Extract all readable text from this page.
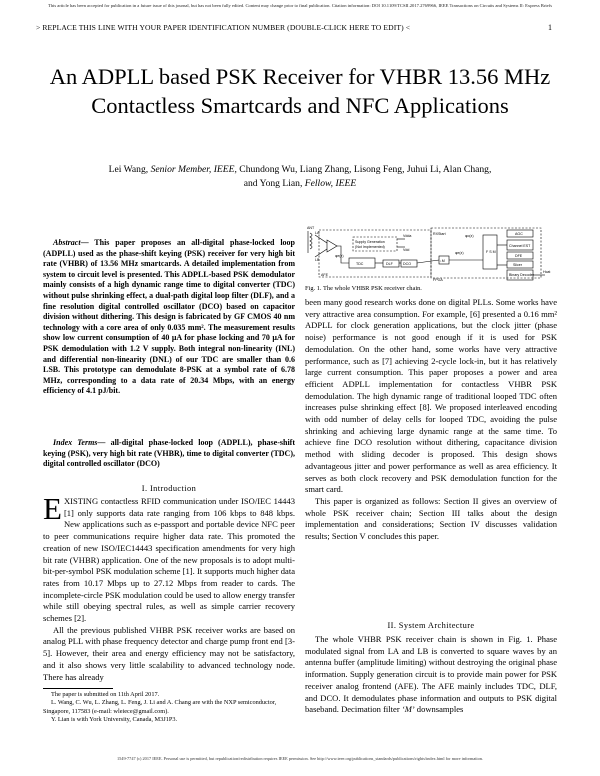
This article has been accepted for publication in a future issue of this journal, but has not been fully edited. Content may change prior to final publication. Citation information: DOI 10.1109/TCSII.2017.2769966, IEEE Transactions on Circuits and Systems II: Express Briefs
> REPLACE THIS LINE WITH YOUR PAPER IDENTIFICATION NUMBER (DOUBLE-CLICK HERE TO EDIT) <	1
An ADPLL based PSK Receiver for VHBR 13.56 MHz Contactless Smartcards and NFC Applications
Lei Wang, Senior Member, IEEE, Chundong Wu, Liang Zhang, Lisong Feng, Juhui Li, Alan Chang,
and Yong Lian, Fellow, IEEE

Abstract— This paper proposes an all-digital phase-locked loop (ADPLL) used as the phase-shift keying (PSK) receiver for very high bit rate (VHBR) of 13.56 MHz smartcards. A detailed implementation from system to circuit level is presented. This ADPLL-based PSK demodulator mainly consists of a high dynamic range time to digital converter (TDC) without pulse shrinking effect, a dual-path digital loop filter (DLF), and a fine resolution digital controlled oscillator (DCO) based on capacitor division without dithering. This design is fabricated by GF CMOS 40 nm technology with a core area of only 0.035 mm². The measurement results show low current consumption of 40 μA for phase locking and 70 μA for PSK demodulation with 1.2 V supply. Both integral non-linearity (INL) and differential non-linearity (DNL) of our TDC are smaller than 0.6 LSB. This prototype can demodulate 8-PSK at a symbol rate of 6.78 MHz, corresponding to a data rate of 20.34 Mbps, with an energy efficiency of 4.1 pJ/bit.

Index Terms— all-digital phase-locked loop (ADPLL), phase-shift keying (PSK), very high bit rate (VHBR), time to digital converter (TDC), digital controlled oscillator (DCO)

I. Introduction

EXISTING contactless RFID communication under ISO/IEC 14443 [1] only supports data rate ranging from 106 kbps to 848 kbps. New applications such as e-passport and portable device NFC peer to peer communications require higher data rate. This promoted the creation of new ISO/IEC14443 specification amendments for very high bit rate (VHBR) application. One of the new proposals is to adopt multi-bit-per-symbol PSK modulation scheme [1]. It supports much higher data rates from 10.17 Mbps up to 27.12 Mbps from reader to cards. The incomplete-circle PSK modulation could be used to allow energy transfer while still obeying spectral rules, as well as simple carrier recovery schemes [2].

All the previous published VHBR PSK receiver works are based on analog PLL with phase frequency detector and charge pump front end [3-5]. However, their area and energy efficiency may not be satisfactory, and it also shows very little scalability to advanced technology node. There has already

The paper is submitted on 11th April 2017.
L. Wang, C. Wu, L. Zhang, L. Feng, J. Li and A. Chang are with the NXP semiconductor, Singapore, 117583 (e-mail: wleiece@gmail.com).
Y. Lian is with York University, Canada, M3J1P3.
ANT
LA
LB
AFE
Supply Generation
(Not Implemented)
Vdda
Vdd
TDC	DLF	DCO
↓M
φe(z)
φe(z)
φo(z)
RXStart	AGC
Channel EST
DFE
Slicer
Binary Decoder
F S M
Hcat
FPGA
Fig. 1. The whole VHBR PSK receiver chain.

been many good research works done on digital PLLs. Some works have very attractive area consumption. For example, [6] presented a 0.16 mm² ADPLL for clock generation applications, but the clock jitter (phase noise) performance is not good enough if it is used for PSK demodulation. On the other hand, some works have very attractive performance, such as [7] achieving 2-cycle lock-in, but it has relatively large current consumption. This paper proposes a power and area efficient ADPLL implementation for contactless VHBR PSK demodulation. The high dynamic range of traditional looped TDC often increases pulse shrinking effect [8]. We proposed interleaved encoding with odd number of delay cells for looped TDC, avoiding the pulse shrinking and achieving large dynamic range at the same time. To achieve fine DCO resolution without dithering, capacitance division method with sliding decoder is proposed. This design shows advantageous jitter and power performance as well as area efficiency. It serves as both clock recovery and PSK demodulation function for the smart card.

This paper is organized as follows: Section II gives an overview of whole PSK receiver chain; Section III talks about the design implementation and considerations; Section IV discusses validation results; Section V concludes this paper.

II. System Architecture

The whole VHBR PSK receiver chain is shown in Fig. 1. Phase modulated signal from LA and LB is converted to square waves by an antenna buffer (amplitude limiting) without destroying the original phase information. Supply generation circuit is to provide main power for PSK receiver analog frontend (AFE). The AFE mainly includes TDC, DLF, and DCO. It demodulates phase information and outputs to PSK digital baseband. Decimation filter ‘M’ downsamples

1549-7747 (c) 2017 IEEE. Personal use is permitted, but republication/redistribution requires IEEE permission. See http://www.ieee.org/publications_standards/publications/rights/index.html for more information.
